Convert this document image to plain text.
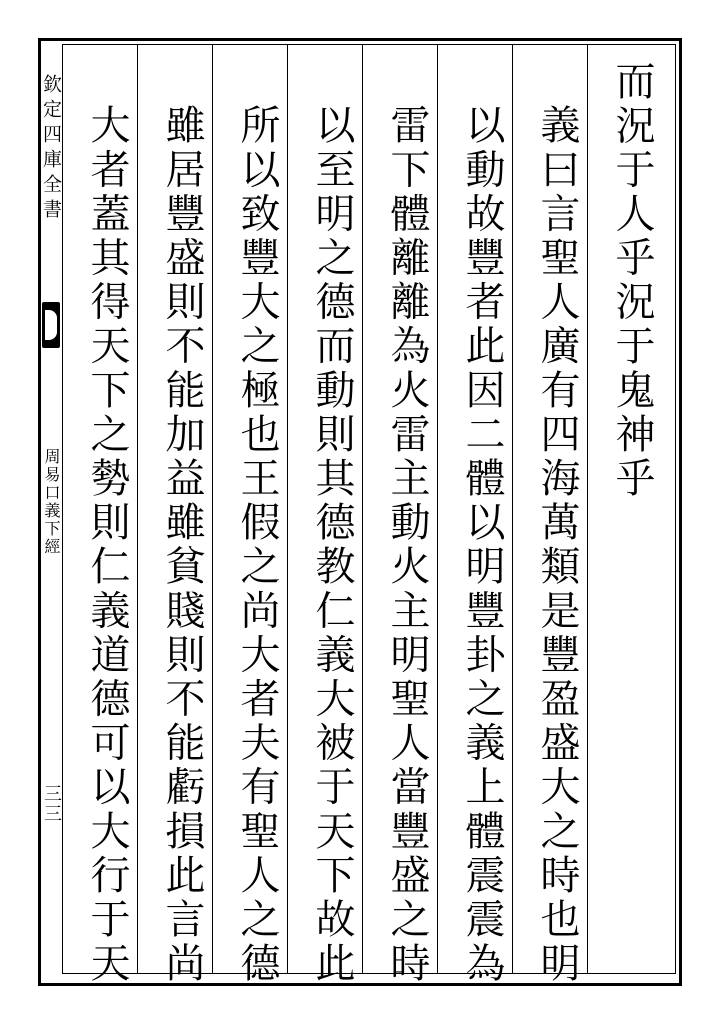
欽定四庫全書
周易口義下經
三三
而況于人乎況于鬼神乎
義曰言聖人廣有四海萬類是豐盈盛大之時也明
以動故豐者此因二體以明豐卦之義上體震震為
雷下體離離為火雷主動火主明聖人當豐盛之時
以至明之德而動則其德教仁義大被于天下故此
所以致豐大之極也王假之尚大者夫有聖人之德
雖居豐盛則不能加益雖貧賤則不能虧損此言尚
大者蓋其得天下之勢則仁義道德可以大行于天
